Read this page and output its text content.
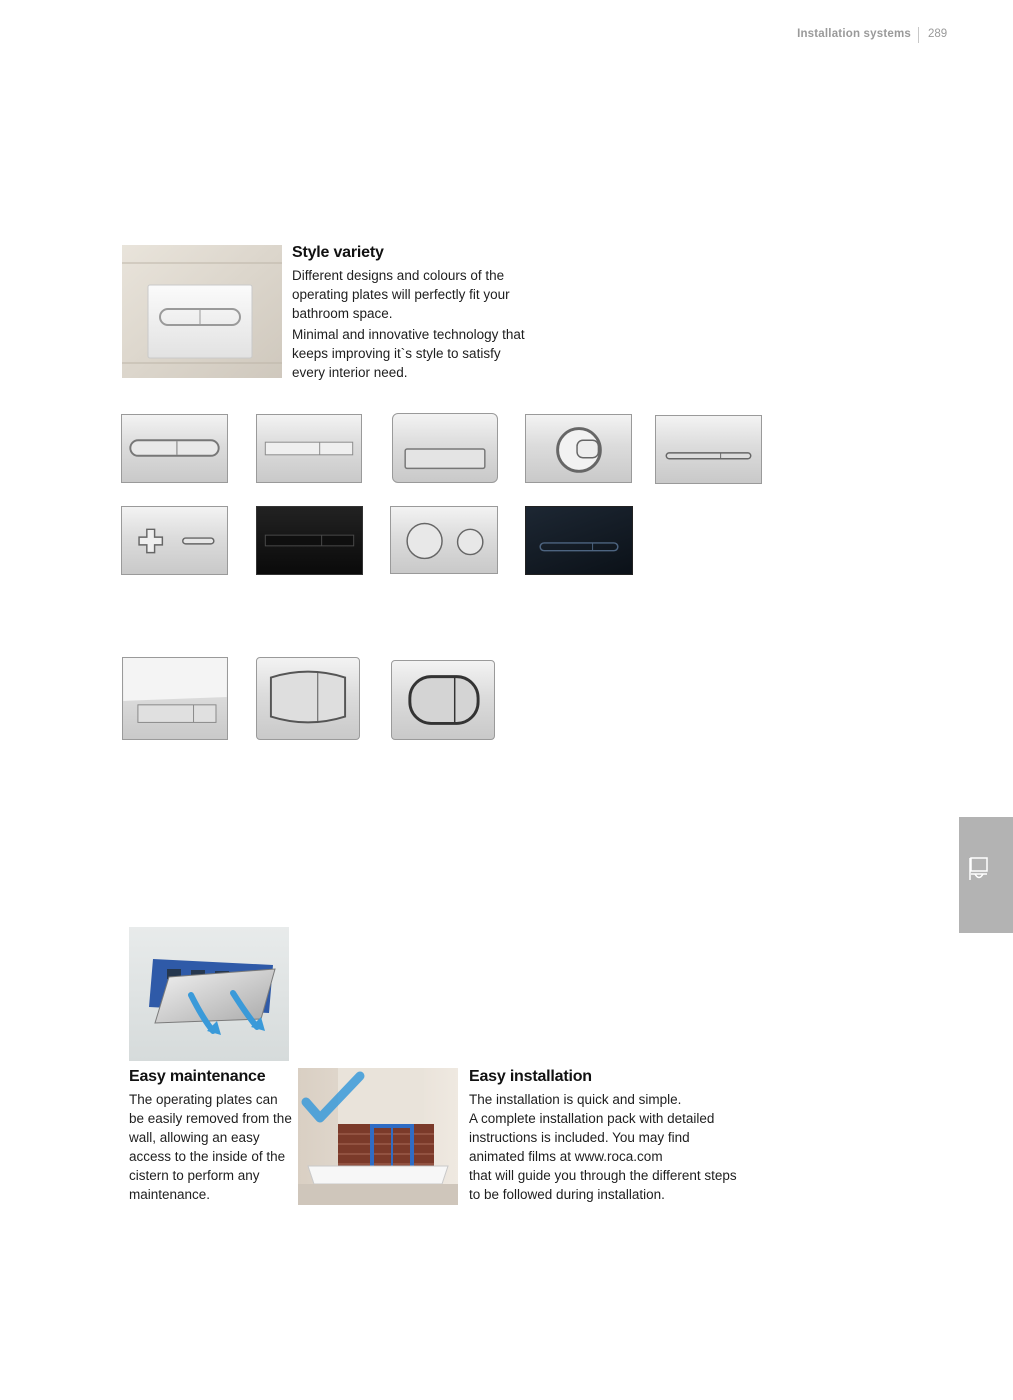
Installation systems 289
Style variety

Different designs and colours of the operating plates will perfectly fit your bathroom space.

Minimal and innovative technology that keeps improving it`s style to satisfy every interior need.

Easy maintenance

The operating plates can be easily removed from the wall, allowing an easy access to the inside of the cistern to perform any maintenance.

Easy installation

The installation is quick and simple.

A complete installation pack with detailed instructions is included. You may find animated films at www.roca.com

that will guide you through the different steps to be followed during installation.
